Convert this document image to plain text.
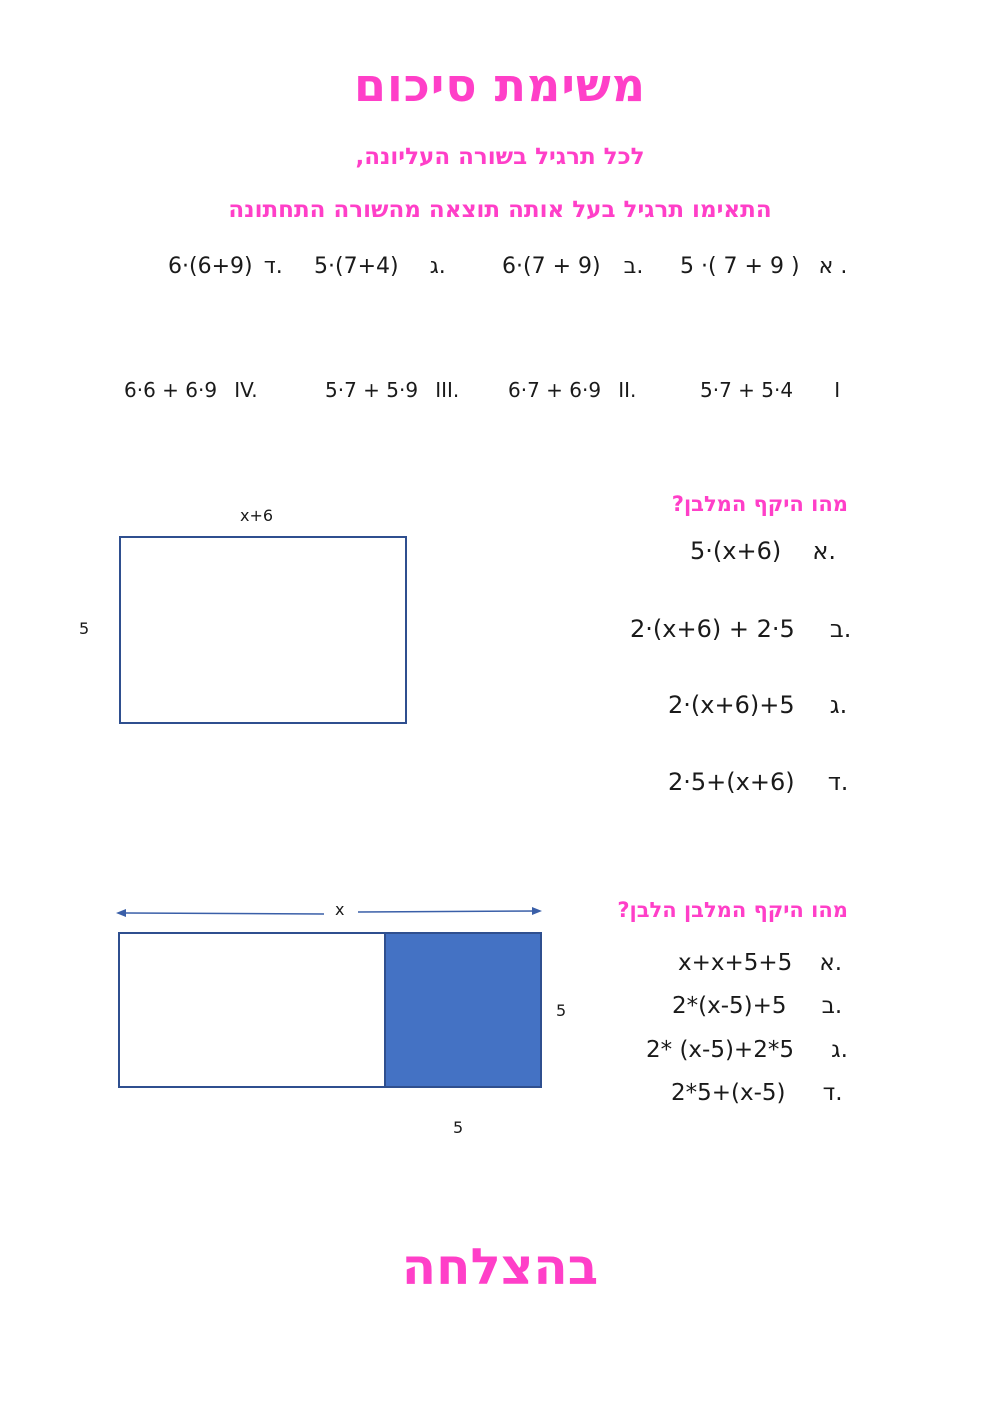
משימת סיכום
לכל תרגיל בשורה העליונה,
התאימו תרגיל בעל אותה תוצאה מהשורה התחתונה
5 ·( 7 + 9 ) א .
6·(7 + 9) ב.
5·(7+4) ג.
6·(6+9) ד.
5·7 + 5·4 I
6·7 + 6·9 II.
5·7 + 5·9 III.
6·6 + 6·9 IV.
מהו היקף המלבן?
x+6
5
5·(x+6) א.
2·(x+6) + 2·5 ב.
2·(x+6)+5 ג.
2·5+(x+6) ד.
מהו היקף המלבן הלבן?
x
5
5
x+x+5+5 א.
2*(x-5)+5 ב.
2* (x-5)+2*5 ג.
2*5+(x-5) ד.
בהצלחה
